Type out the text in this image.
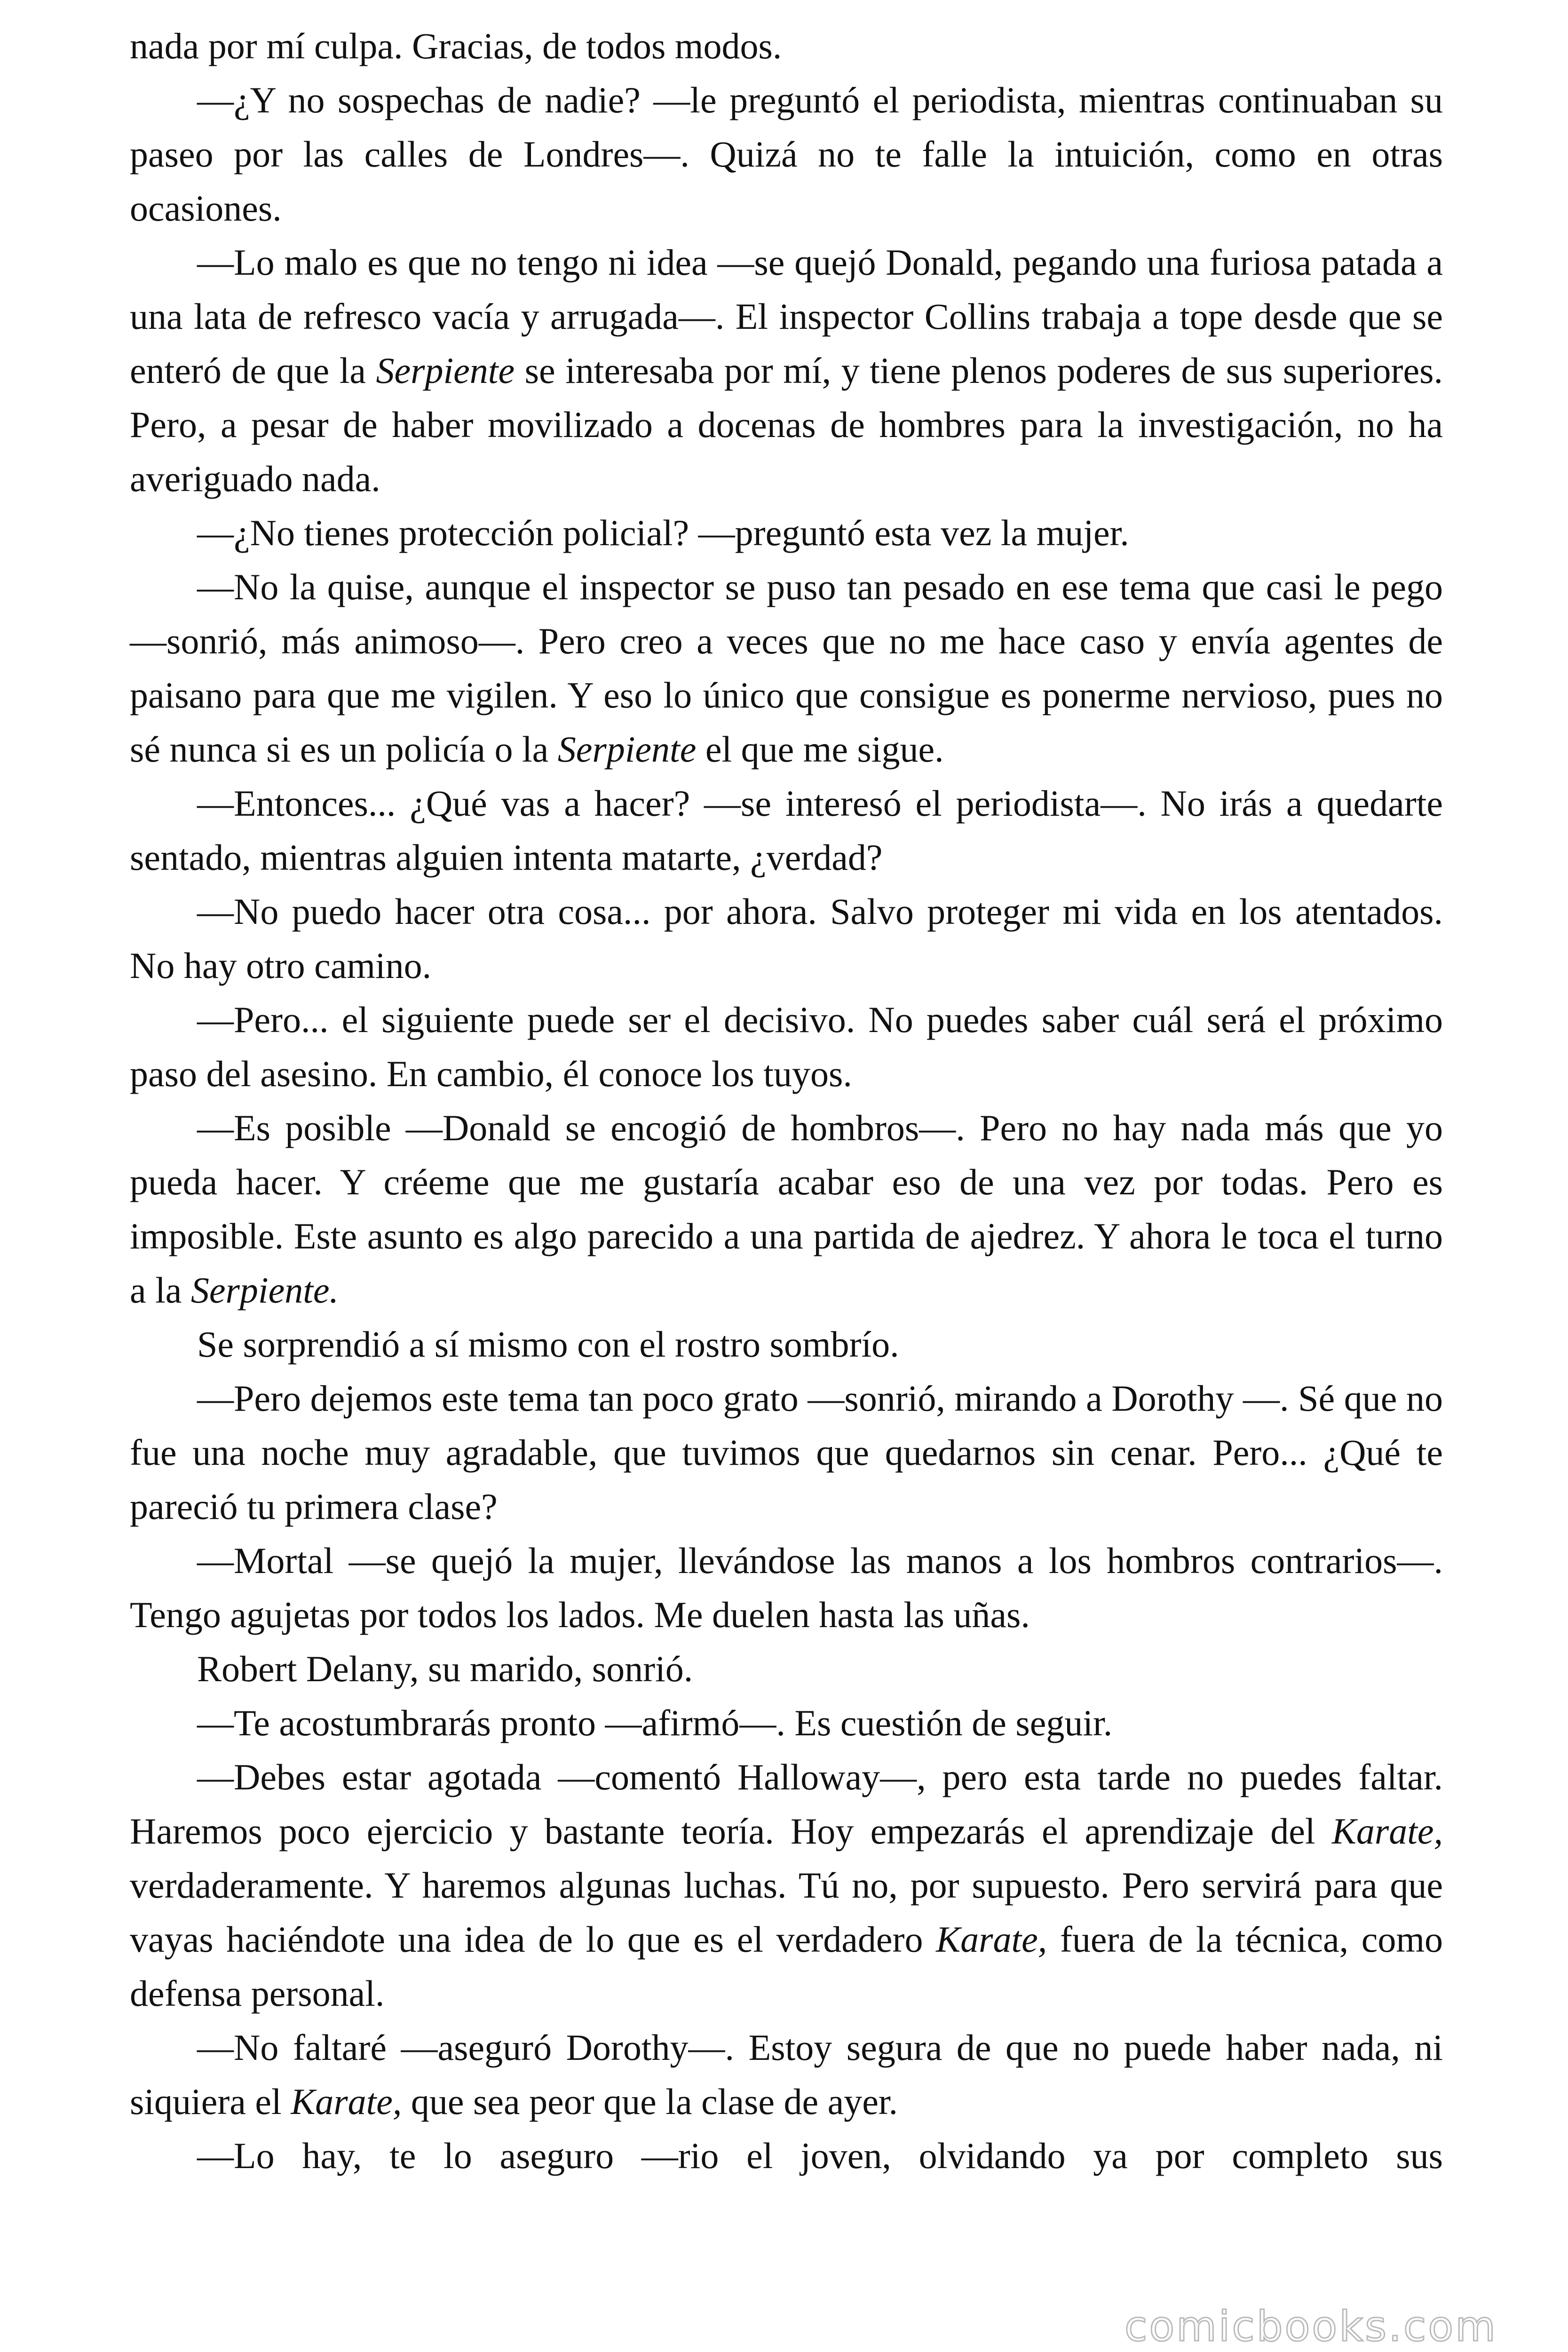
nada por mí culpa. Gracias, de todos modos.

—¿Y no sospechas de nadie? —le preguntó el periodista, mientras continuaban su paseo por las calles de Londres—. Quizá no te falle la intuición, como en otras ocasiones.

—Lo malo es que no tengo ni idea —se quejó Donald, pegando una furiosa patada a una lata de refresco vacía y arrugada—. El inspector Collins trabaja a tope desde que se enteró de que la Serpiente se interesaba por mí, y tiene plenos poderes de sus superiores. Pero, a pesar de haber movilizado a docenas de hombres para la investigación, no ha averiguado nada.

—¿No tienes protección policial? —preguntó esta vez la mujer.

—No la quise, aunque el inspector se puso tan pesado en ese tema que casi le pego —sonrió, más animoso—. Pero creo a veces que no me hace caso y envía agentes de paisano para que me vigilen. Y eso lo único que consigue es ponerme nervioso, pues no sé nunca si es un policía o la Serpiente el que me sigue.

—Entonces... ¿Qué vas a hacer? —se interesó el periodista—. No irás a quedarte sentado, mientras alguien intenta matarte, ¿verdad?

—No puedo hacer otra cosa... por ahora. Salvo proteger mi vida en los atentados. No hay otro camino.

—Pero... el siguiente puede ser el decisivo. No puedes saber cuál será el próximo paso del asesino. En cambio, él conoce los tuyos.

—Es posible —Donald se encogió de hombros—. Pero no hay nada más que yo pueda hacer. Y créeme que me gustaría acabar eso de una vez por todas. Pero es imposible. Este asunto es algo parecido a una partida de ajedrez. Y ahora le toca el turno a la Serpiente.

Se sorprendió a sí mismo con el rostro sombrío.

—Pero dejemos este tema tan poco grato —sonrió, mirando a Dorothy —. Sé que no fue una noche muy agradable, que tuvimos que quedarnos sin cenar. Pero... ¿Qué te pareció tu primera clase?

—Mortal —se quejó la mujer, llevándose las manos a los hombros contrarios—. Tengo agujetas por todos los lados. Me duelen hasta las uñas.

Robert Delany, su marido, sonrió.

—Te acostumbrarás pronto —afirmó—. Es cuestión de seguir.

—Debes estar agotada —comentó Halloway—, pero esta tarde no puedes faltar. Haremos poco ejercicio y bastante teoría. Hoy empezarás el aprendizaje del Karate, verdaderamente. Y haremos algunas luchas. Tú no, por supuesto. Pero servirá para que vayas haciéndote una idea de lo que es el verdadero Karate, fuera de la técnica, como defensa personal.

—No faltaré —aseguró Dorothy—. Estoy segura de que no puede haber nada, ni siquiera el Karate, que sea peor que la clase de ayer.

—Lo hay, te lo aseguro —rio el joven, olvidando ya por completo sus

comicbooks.com
